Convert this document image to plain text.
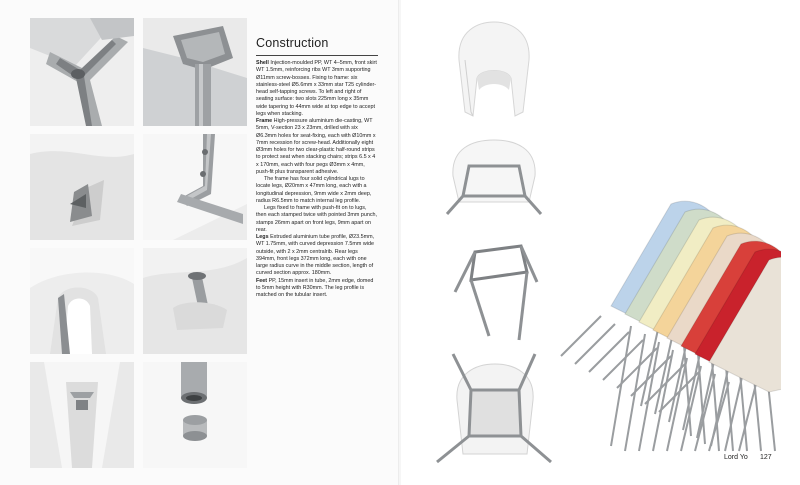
Construction

Shell Injection-moulded PP, WT 4–5mm, front skirt WT 1.5mm, reinforcing ribs WT 3mm supporting Ø11mm screw-bosses. Fixing to frame: six stainless-steel Ø5.6mm x 33mm star T25 cylinder-head self-tapping screws. To left and right of seating surface: two slots 225mm long x 35mm wide tapering to 44mm wide at top edge to accept legs when stacking.

Frame High-pressure aluminium die-casting, WT 5mm, V-section 23 x 23mm, drilled with six Ø6.3mm holes for seat-fixing, each with Ø10mm x 7mm recession for screw-head. Additionally eight Ø3mm holes for two clear-plastic half-round strips to protect seat when stacking chairs; strips 6.5 x 4 x 170mm, each with four pegs Ø3mm x 4mm, push-fit plus transparent adhesive.

The frame has four solid cylindrical lugs to locate legs, Ø20mm x 47mm long, each with a longitudinal depression, 9mm wide x 2mm deep, radius R6.5mm to match internal leg profile.

Legs fixed to frame with push-fit on to lugs, then each stamped twice with pointed 3mm punch, stamps 26mm apart on front legs, 9mm apart on rear.

Legs Extruded aluminium tube profile, Ø23.5mm, WT 1.75mm, with curved depression 7.5mm wide outside, with 2 x 2mm centralrib. Rear legs 394mm, front legs 372mm long, each with one large radius curve in the middle section, length of curved section approx. 180mm.

Feet PP, 15mm insert in tube, 2mm edge, domed to 5mm height with R30mm. The leg profile is matched on the tubular insert.

Lord Yo 127
